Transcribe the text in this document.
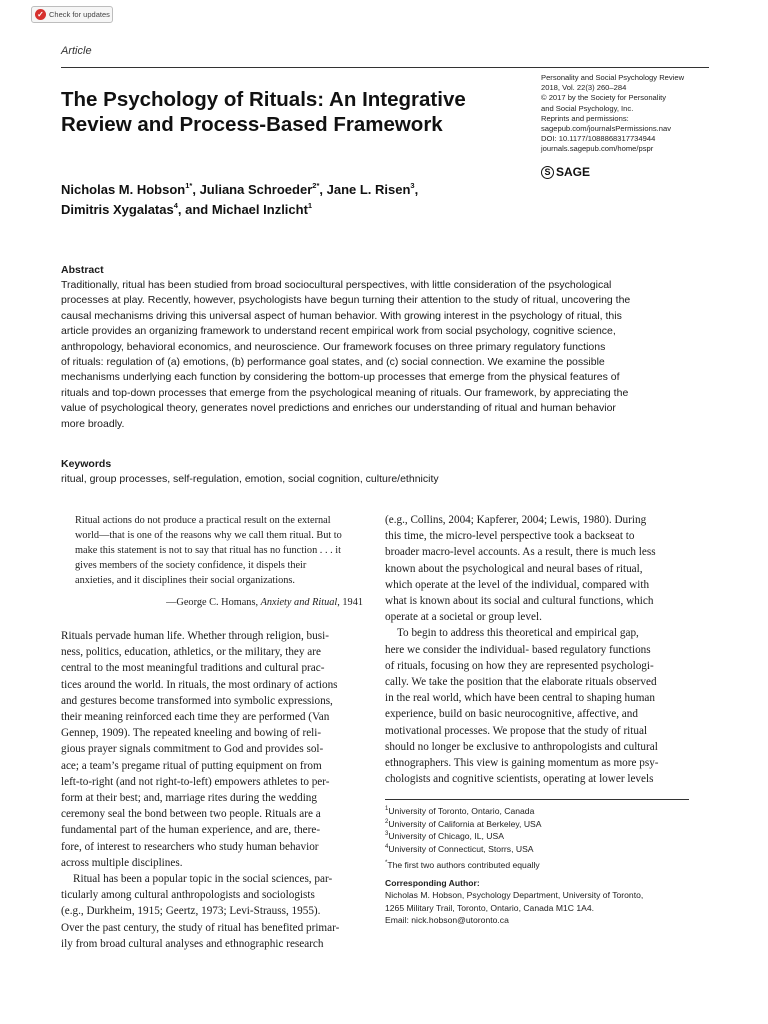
✓ Check for updates
Article
Personality and Social Psychology Review
2018, Vol. 22(3) 260–284
© 2017 by the Society for Personality
and Social Psychology, Inc.
Reprints and permissions:
sagepub.com/journalsPermissions.nav
DOI: 10.1177/1088868317734944
journals.sagepub.com/home/pspr
S SAGE
The Psychology of Rituals: An Integrative
Review and Process-Based Framework
Nicholas M. Hobson$^{1*}$, Juliana Schroeder$^{2*}$, Jane L. Risen$^3$,
Dimitris Xygalatas$^4$, and Michael Inzlicht$^1$
Abstract
Traditionally, ritual has been studied from broad sociocultural perspectives, with little consideration of the psychological
processes at play. Recently, however, psychologists have begun turning their attention to the study of ritual, uncovering the
causal mechanisms driving this universal aspect of human behavior. With growing interest in the psychology of ritual, this
article provides an organizing framework to understand recent empirical work from social psychology, cognitive science,
anthropology, behavioral economics, and neuroscience. Our framework focuses on three primary regulatory functions
of rituals: regulation of (a) emotions, (b) performance goal states, and (c) social connection. We examine the possible
mechanisms underlying each function by considering the bottom-up processes that emerge from the physical features of
rituals and top-down processes that emerge from the psychological meaning of rituals. Our framework, by appreciating the
value of psychological theory, generates novel predictions and enriches our understanding of ritual and human behavior
more broadly.
Keywords
ritual, group processes, self-regulation, emotion, social cognition, culture/ethnicity
Ritual actions do not produce a practical result on the external
world—that is one of the reasons why we call them ritual. But to
make this statement is not to say that ritual has no function . . . it
gives members of the society confidence, it dispels their
anxieties, and it disciplines their social organizations.
—George C. Homans, Anxiety and Ritual, 1941
Rituals pervade human life. Whether through religion, busi-
ness, politics, education, athletics, or the military, they are
central to the most meaningful traditions and cultural prac-
tices around the world. In rituals, the most ordinary of actions
and gestures become transformed into symbolic expressions,
their meaning reinforced each time they are performed (Van
Gennep, 1909). The repeated kneeling and bowing of reli-
gious prayer signals commitment to God and provides sol-
ace; a team’s pregame ritual of putting equipment on from
left-to-right (and not right-to-left) empowers athletes to per-
form at their best; and, marriage rites during the wedding
ceremony seal the bond between two people. Rituals are a
fundamental part of the human experience, and are, there-
fore, of interest to researchers who study human behavior
across multiple disciplines.
Ritual has been a popular topic in the social sciences, par-
ticularly among cultural anthropologists and sociologists
(e.g., Durkheim, 1915; Geertz, 1973; Levi-Strauss, 1955).
Over the past century, the study of ritual has benefited primar-
ily from broad cultural analyses and ethnographic research
(e.g., Collins, 2004; Kapferer, 2004; Lewis, 1980). During
this time, the micro-level perspective took a backseat to
broader macro-level accounts. As a result, there is much less
known about the psychological and neural bases of ritual,
which operate at the level of the individual, compared with
what is known about its social and cultural functions, which
operate at a societal or group level.
To begin to address this theoretical and empirical gap,
here we consider the individual- based regulatory functions
of rituals, focusing on how they are represented psychologi-
cally. We take the position that the elaborate rituals observed
in the real world, which have been central to shaping human
experience, build on basic neurocognitive, affective, and
motivational processes. We propose that the study of ritual
should no longer be exclusive to anthropologists and cultural
ethnographers. This view is gaining momentum as more psy-
chologists and cognitive scientists, operating at lower levels
$^1$University of Toronto, Ontario, Canada
$^2$University of California at Berkeley, USA
$^3$University of Chicago, IL, USA
$^4$University of Connecticut, Storrs, USA
*The first two authors contributed equally
Corresponding Author:
Nicholas M. Hobson, Psychology Department, University of Toronto,
1265 Military Trail, Toronto, Ontario, Canada M1C 1A4.
Email: nick.hobson@utoronto.ca
